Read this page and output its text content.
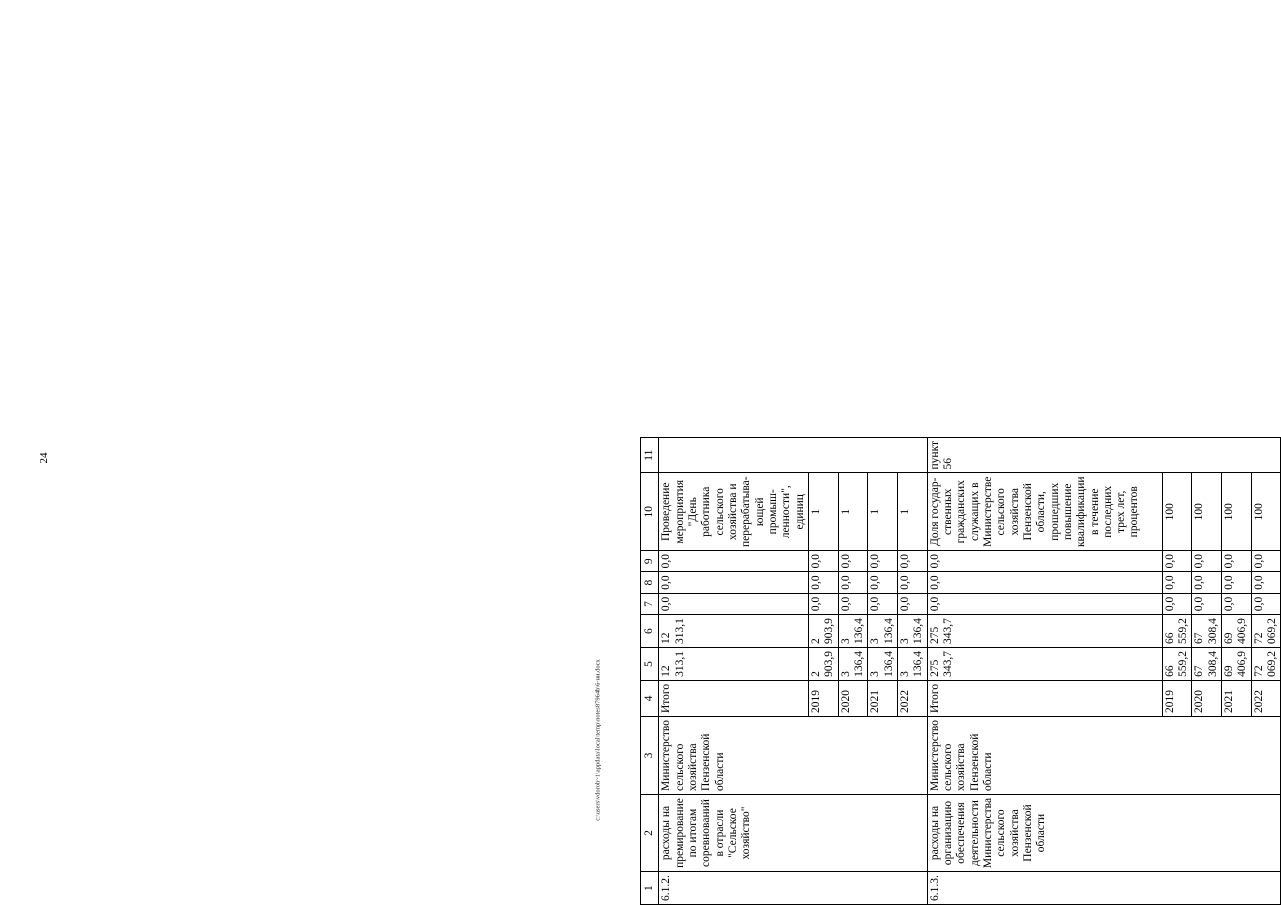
24
c:\users\vdoroh~1\appdata\local\temp\notes87964b\6-ни.docx
1	2	3	4	5	6	7	8	9	10	11
6.1.2.	расходы на премирование по итогам соревнований в отрасли "Сельское хозяйство"	Министерство сельского хозяйства Пензенской области	Итого	12 313,1	12 313,1	0,0	0,0	0,0	Проведение мероприятия "День работника сельского хозяйства и перерабатыва-ющей промыш-ленности", единиц	
			2019	2 903,9	2 903,9	0,0	0,0	0,0	1	
			2020	3 136,4	3 136,4	0,0	0,0	0,0	1	
			2021	3 136,4	3 136,4	0,0	0,0	0,0	1	
			2022	3 136,4	3 136,4	0,0	0,0	0,0	1	
6.1.3.	расходы на организацию обеспечения деятельности Министерства сельского хозяйства Пензенской области	Министерство сельского хозяйства Пензенской области	Итого	275 343,7	275 343,7	0,0	0,0	0,0	Доля государ-ственных гражданских служащих в Министерстве сельского хозяйства Пензенской области, прошедших повышение квалификации в течение последних трех лет, процентов	пункт 56
			2019	66 559,2	66 559,2	0,0	0,0	0,0	100	
			2020	67 308,4	67 308,4	0,0	0,0	0,0	100	
			2021	69 406,9	69 406,9	0,0	0,0	0,0	100	
			2022	72 069,2	72 069,2	0,0	0,0	0,0	100	
